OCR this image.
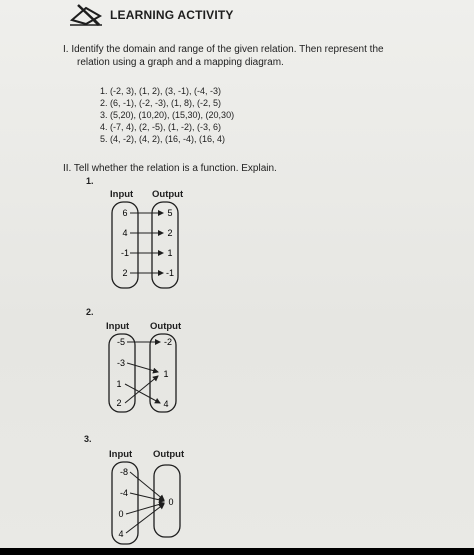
LEARNING ACTIVITY
I. Identify the domain and range of the given relation. Then represent the
relation using a graph and a mapping diagram.
1. (-2, 3), (1, 2), (3, -1), (-4, -3)
2. (6, -1), (-2, -3), (1, 8), (-2, 5)
3. (5,20), (10,20), (15,30), (20,30)
4. (-7, 4), (2, -5), (1, -2), (-3, 6)
5. (4, -2), (4, 2), (16, -4), (16, 4)
II. Tell whether the relation is a function. Explain.
1.
Input Output
6
4
-1
2
5
2
1
-1
2.
Input Output
-5
-3
1
2
-2
1
4
3.
Input Output
-8
-4
0
4
0
